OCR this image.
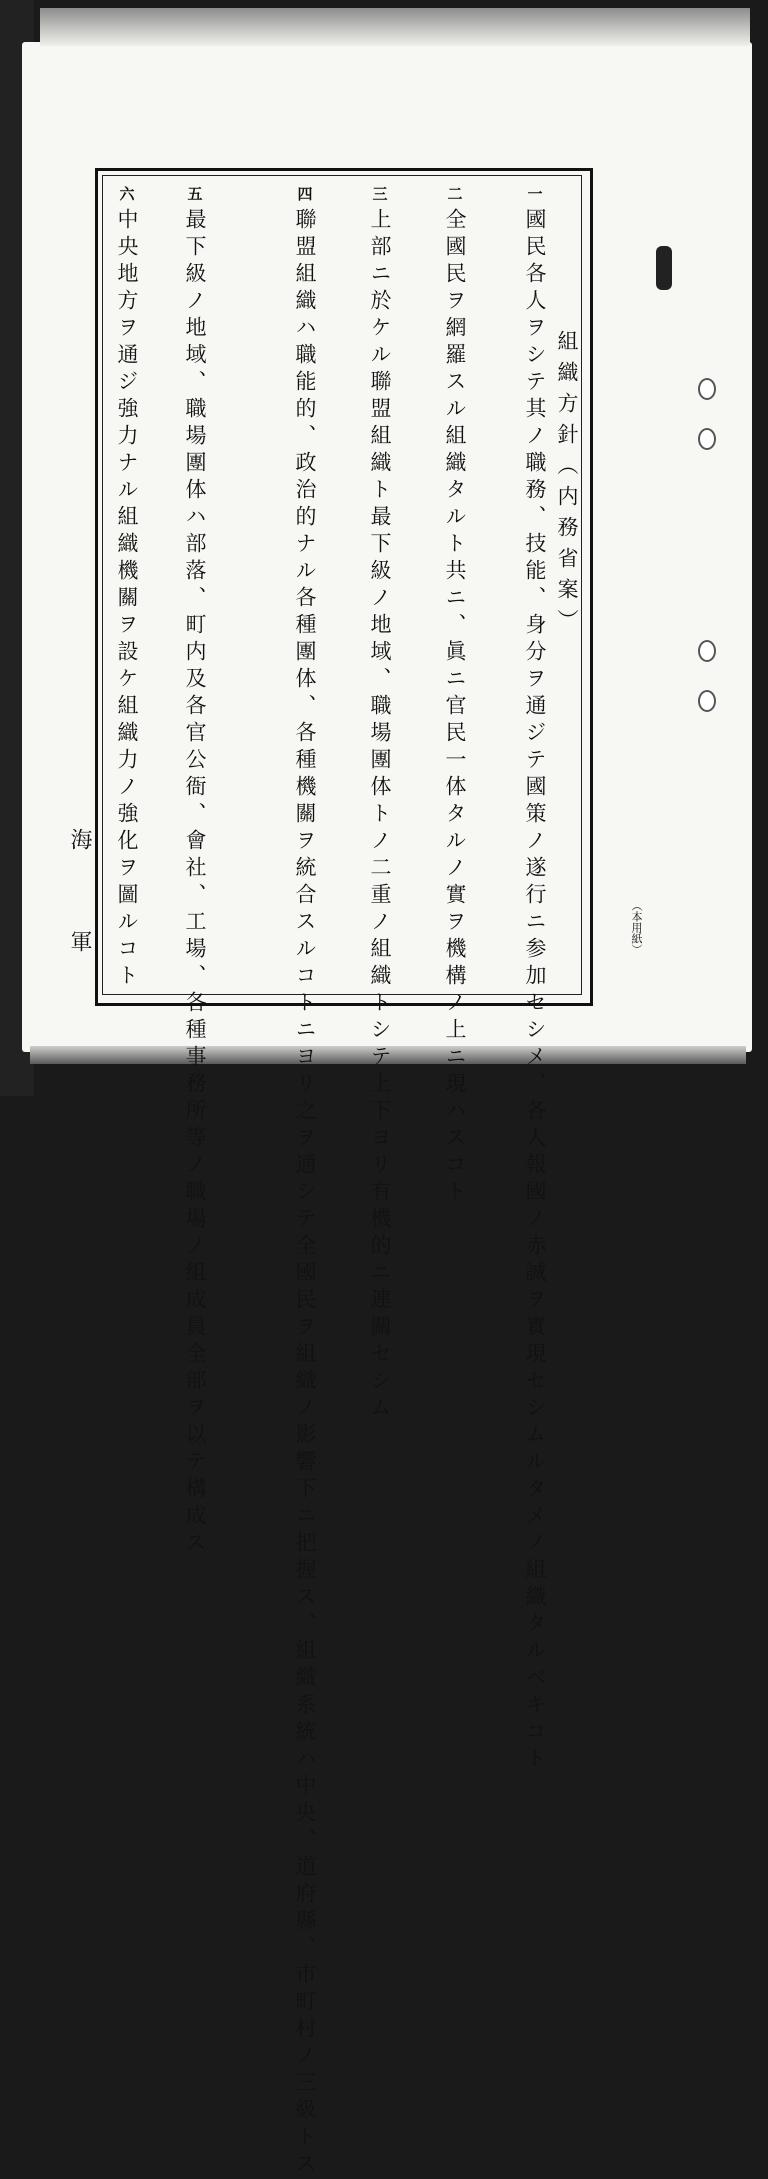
組織方針（内務省案）
一
國民各人ヲシテ其ノ職務、技能、身分ヲ通ジテ國策ノ遂行ニ参加セシメ、各人報國ノ赤誠ヲ實現セシムルタメノ組織タルベキコト
二
全國民ヲ網羅スル組織タルト共ニ、眞ニ官民一体タルノ實ヲ機構ノ上ニ現ハスコト
三
上部ニ於ケル聯盟組織ト最下級ノ地域、職場團体トノ二重ノ組織トシテ上下ヨリ有機的ニ連關セシム
四
聯盟組織ハ職能的、政治的ナル各種團体、各種機關ヲ統合スルコトニヨリ之ヲ通シテ全國民ヲ組織ノ影響下ニ把握ス、組織系統ハ中央、道府縣、市町村ノ三級トス
五
最下級ノ地域、職場團体ハ部落、町内及各官公衙、會社、工場、各種事務所等ノ職場ノ組成員全部ヲ以テ構成ス
六
中央地方ヲ通ジ強力ナル組織機關ヲ設ケ組織力ノ強化ヲ圖ルコト
海
軍	（本用紙）
